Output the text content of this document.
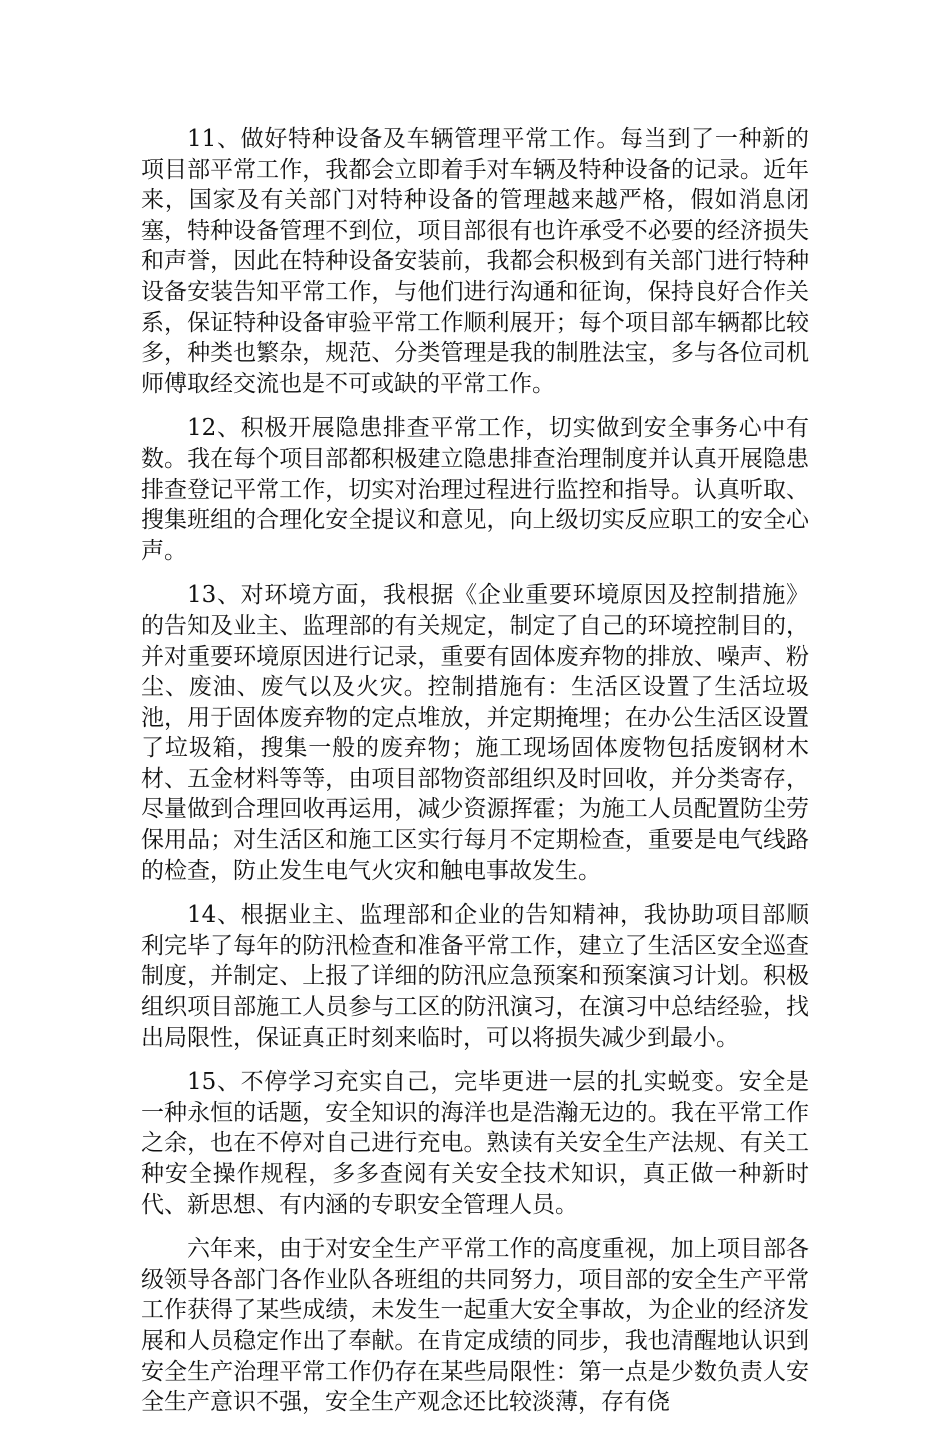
11、做好特种设备及车辆管理平常工作。每当到了一种新的项目部平常工作，我都会立即着手对车辆及特种设备的记录。近年来，国家及有关部门对特种设备的管理越来越严格，假如消息闭塞，特种设备管理不到位，项目部很有也许承受不必要的经济损失和声誉，因此在特种设备安装前，我都会积极到有关部门进行特种设备安装告知平常工作，与他们进行沟通和征询，保持良好合作关系，保证特种设备审验平常工作顺利展开；每个项目部车辆都比较多，种类也繁杂，规范、分类管理是我的制胜法宝，多与各位司机师傅取经交流也是不可或缺的平常工作。

12、积极开展隐患排查平常工作，切实做到安全事务心中有数。我在每个项目部都积极建立隐患排查治理制度并认真开展隐患排查登记平常工作，切实对治理过程进行监控和指导。认真听取、搜集班组的合理化安全提议和意见，向上级切实反应职工的安全心声。

13、对环境方面，我根据《企业重要环境原因及控制措施》的告知及业主、监理部的有关规定，制定了自己的环境控制目的，并对重要环境原因进行记录，重要有固体废弃物的排放、噪声、粉尘、废油、废气以及火灾。控制措施有：生活区设置了生活垃圾池，用于固体废弃物的定点堆放，并定期掩埋；在办公生活区设置了垃圾箱，搜集一般的废弃物；施工现场固体废物包括废钢材木材、五金材料等等，由项目部物资部组织及时回收，并分类寄存，尽量做到合理回收再运用，减少资源挥霍；为施工人员配置防尘劳保用品；对生活区和施工区实行每月不定期检查，重要是电气线路的检查，防止发生电气火灾和触电事故发生。

14、根据业主、监理部和企业的告知精神，我协助项目部顺利完毕了每年的防汛检查和准备平常工作，建立了生活区安全巡查制度，并制定、上报了详细的防汛应急预案和预案演习计划。积极组织项目部施工人员参与工区的防汛演习，在演习中总结经验，找出局限性，保证真正时刻来临时，可以将损失减少到最小。

15、不停学习充实自己，完毕更进一层的扎实蜕变。安全是一种永恒的话题，安全知识的海洋也是浩瀚无边的。我在平常工作之余，也在不停对自己进行充电。熟读有关安全生产法规、有关工种安全操作规程，多多查阅有关安全技术知识，真正做一种新时代、新思想、有内涵的专职安全管理人员。

六年来，由于对安全生产平常工作的高度重视，加上项目部各级领导各部门各作业队各班组的共同努力，项目部的安全生产平常工作获得了某些成绩，未发生一起重大安全事故，为企业的经济发展和人员稳定作出了奉献。在肯定成绩的同步，我也清醒地认识到安全生产治理平常工作仍存在某些局限性：第一点是少数负责人安全生产意识不强，安全生产观念还比较淡薄，存有侥
